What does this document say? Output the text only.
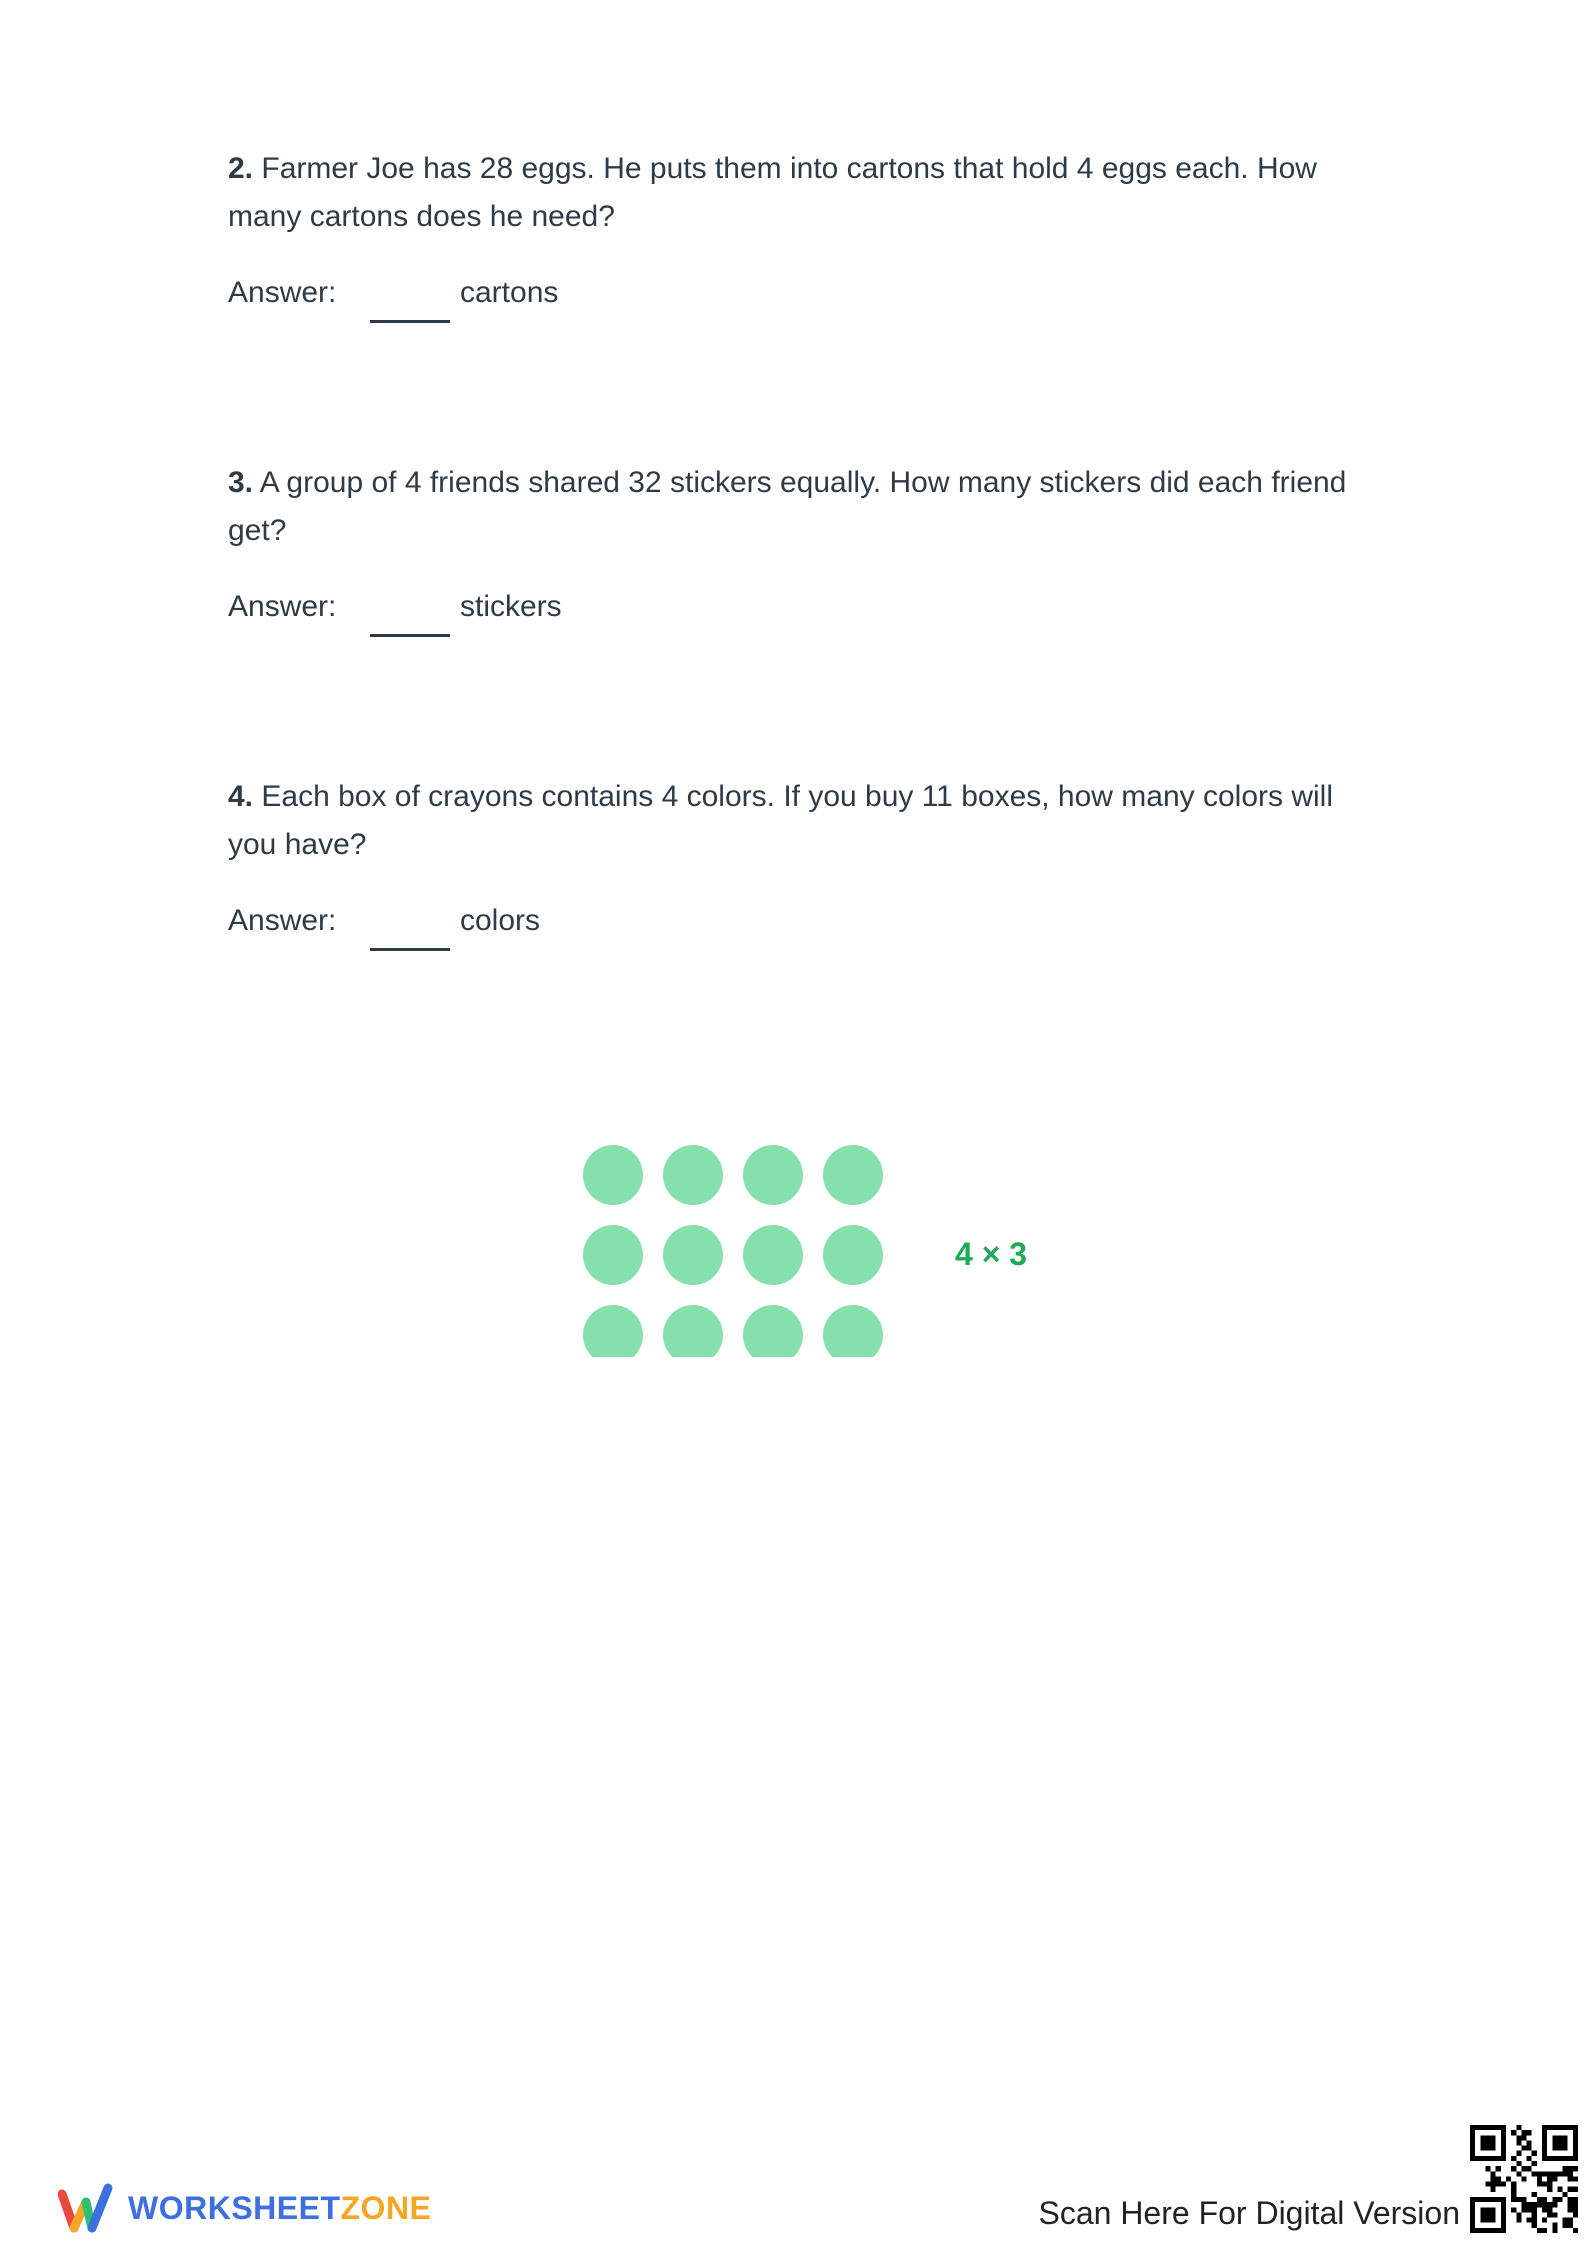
2. Farmer Joe has 28 eggs. He puts them into cartons that hold 4 eggs each. How many cartons does he need?

Answer:	cartons

3. A group of 4 friends shared 32 stickers equally. How many stickers did each friend get?

Answer:	stickers

4. Each box of crayons contains 4 colors. If you buy 11 boxes, how many colors will you have?

Answer:	colors
4 × 3
WORKSHEETZONE	Scan Here For Digital Version
